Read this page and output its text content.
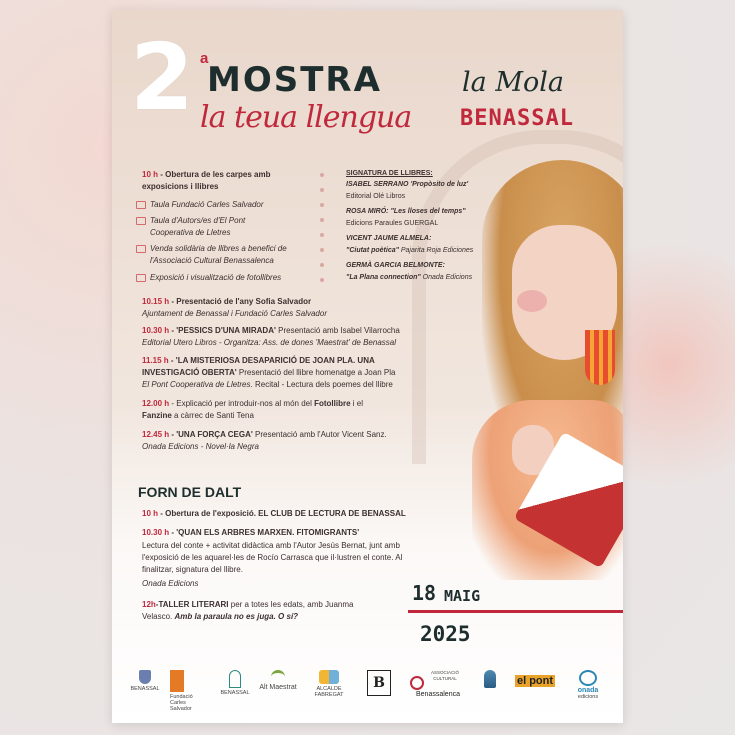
2 a
MOSTRA
la teua llengua
la Mola
BENASSAL
10 h - Obertura de les carpes amb
exposicions i llibres
Taula Fundació Carles Salvador
Taula d'Autors/es d'El Pont
Cooperativa de Lletres
Venda solidària de llibres a benefici de
l'Associació Cultural Benassalenca
Exposició i visualització de fotollibres
SIGNATURA DE LLIBRES:
ISABEL SERRANO 'Propòsito de luz'
Editorial Olé Libros
ROSA MIRÓ: "Les lloses del temps"
Edicions Paraules GUERGAL
VICENT JAUME ALMELA:
"Ciutat poètica" Pajarita Roja Ediciones
GERMÀ GARCIA BELMONTE:
"La Plana connection" Onada Edicions
10.15 h - Presentació de l'any Sofia Salvador
Ajuntament de Benassal i Fundació Carles Salvador
10.30 h - 'PESSICS D'UNA MIRADA' Presentació amb Isabel Vilarrocha
Editorial Utero Libros - Organitza: Ass. de dones 'Maestrat' de Benassal
11.15 h - 'LA MISTERIOSA DESAPARICIÓ DE JOAN PLA. UNA
INVESTIGACIÓ OBERTA' Presentació del llibre homenatge a Joan Pla
El Pont Cooperativa de Lletres. Recital - Lectura dels poemes del llibre
12.00 h - Explicació per introduir-nos al món del Fotollibre i el
Fanzine a càrrec de Santi Tena
12.45 h - 'UNA FORÇA CEGA' Presentació amb l'Autor Vicent Sanz.
Onada Edicions - Novel·la Negra
FORN DE DALT
10 h - Obertura de l'exposició. EL CLUB DE LECTURA DE BENASSAL
10.30 h - 'QUAN ELS ARBRES MARXEN. FITOMIGRANTS'
Lectura del conte + activitat didàctica amb l'Autor Jesús Bernat, junt amb
l'exposició de les aquarel·les de Rocío Carrasca que il·lustren el conte. Al
finalitzar, signatura del llibre.
Onada Edicions
12h-TALLER LITERARI per a totes les edats, amb Juanma
Velasco. Amb la paraula no es juga. O sí?
18 MAIG
2025
BENASSAL
Fundació
Carles Salvador
BENASSAL
Alt Maestrat	ALCALDE
FABREGAT
B
ASSOCIACIÓ CULTURAL
Benassalenca
el pont
onada
edicions
